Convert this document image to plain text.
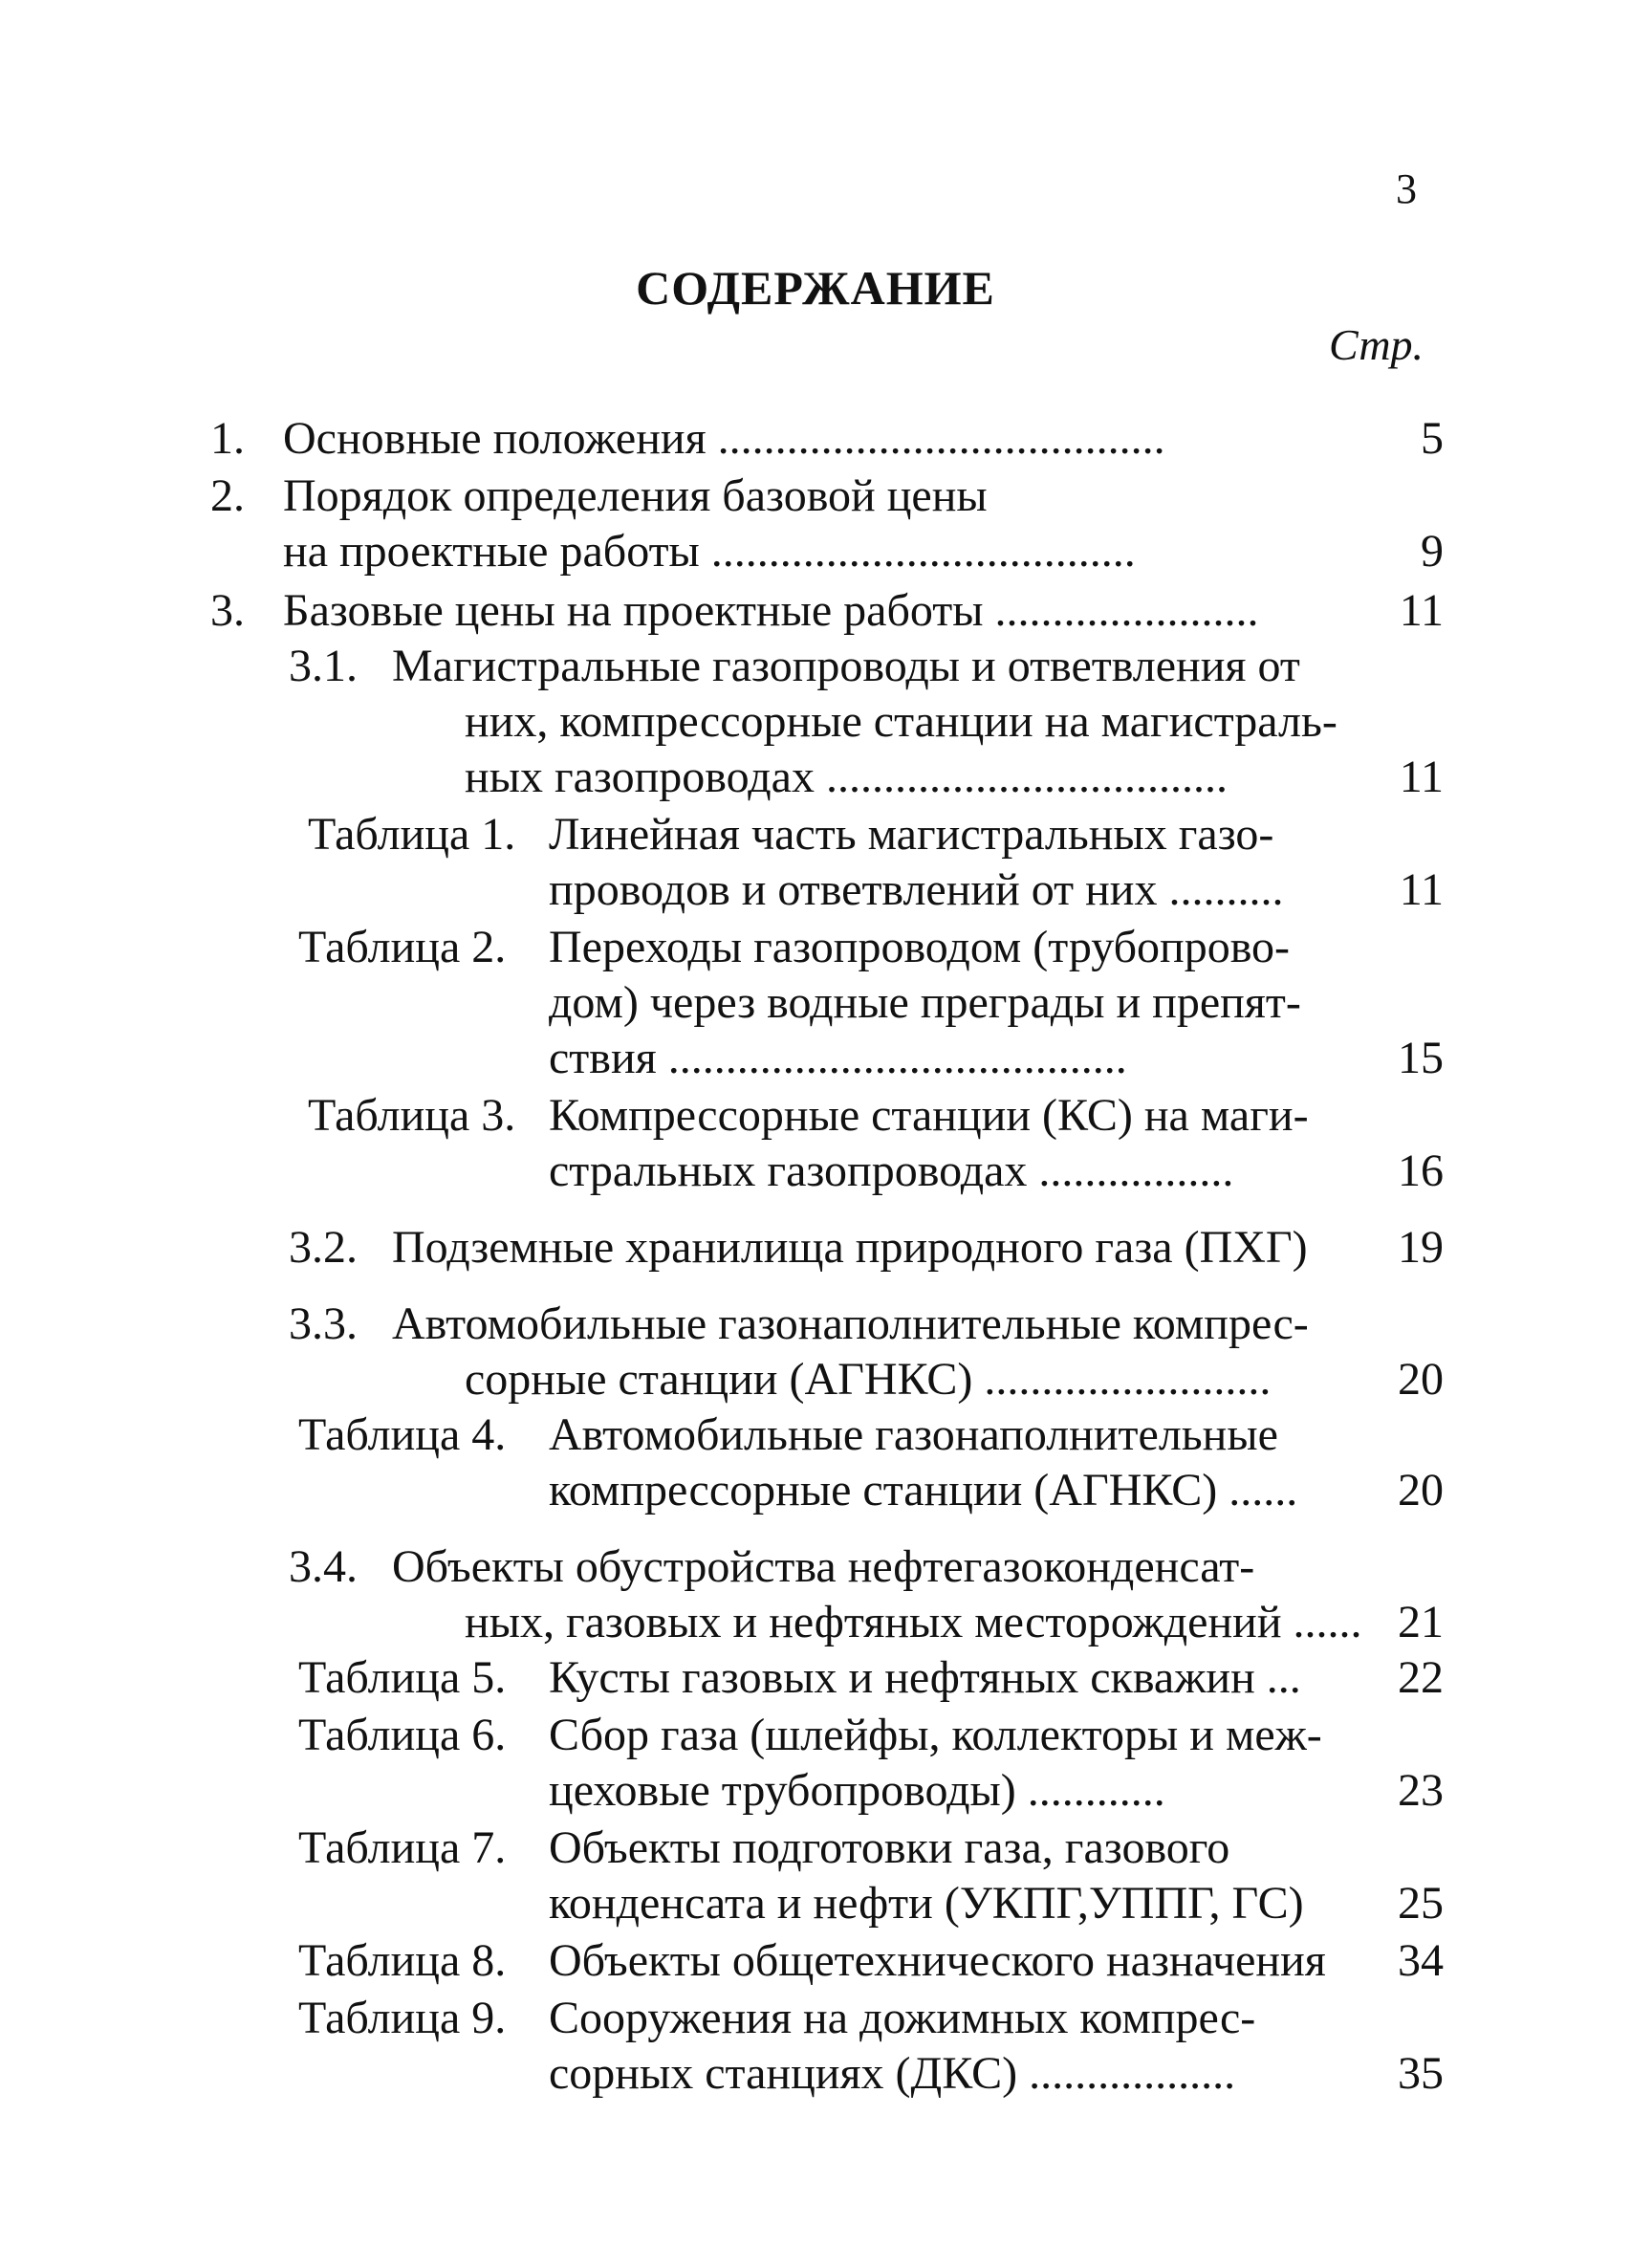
3
СОДЕРЖАНИЕ
Стр.
1. Основные положения .......................................	5
2. Порядок определения базовой цены
на проектные работы .....................................	9
3. Базовые цены на проектные работы .......................	11
3.1. Магистральные газопроводы и ответвления от
них, компрессорные станции на магистраль-
ных газопроводах ...................................	11
Таблица 1. Линейная часть магистральных газо-
проводов и ответвлений от них ..........	11
Таблица 2. Переходы газопроводом (трубопрово-
дом) через водные преграды и препят-
ствия ........................................	15
Таблица 3. Компрессорные станции (КС) на маги-
стральных газопроводах .................	16
3.2. Подземные хранилища природного газа (ПХГ)	19
3.3. Автомобильные газонаполнительные компрес-
сорные станции (АГНКС) .........................	20
Таблица 4. Автомобильные газонаполнительные
компрессорные станции (АГНКС) ......	20
3.4. Объекты обустройства нефтегазоконденсат-
ных, газовых и нефтяных месторождений ...... 21
Таблица 5. Кусты газовых и нефтяных скважин ...	22
Таблица 6. Сбор газа (шлейфы, коллекторы и меж-
цеховые трубопроводы) ............	23
Таблица 7. Объекты подготовки газа, газового
конденсата и нефти (УКПГ,УППГ, ГС)	25
Таблица 8. Объекты общетехнического назначения	34
Таблица 9. Сооружения на дожимных компрес-
сорных станциях (ДКС) ..................	35
